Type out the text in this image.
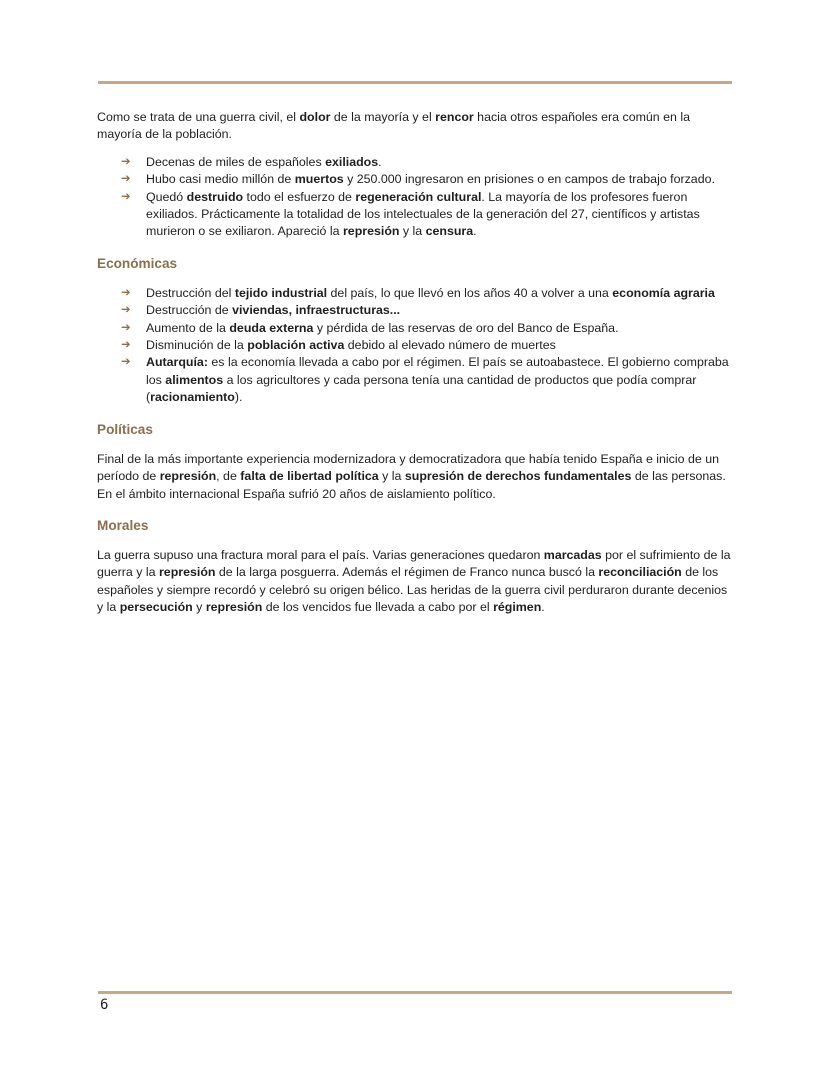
Como se trata de una guerra civil, el dolor de la mayoría y el rencor hacia otros españoles era común en la mayoría de la población.

➔ Decenas de miles de españoles exiliados.
➔ Hubo casi medio millón de muertos y 250.000 ingresaron en prisiones o en campos de trabajo forzado.
➔ Quedó destruido todo el esfuerzo de regeneración cultural. La mayoría de los profesores fueron exiliados. Prácticamente la totalidad de los intelectuales de la generación del 27, científicos y artistas murieron o se exiliaron. Apareció la represión y la censura.
Económicas
➔ Destrucción del tejido industrial del país, lo que llevó en los años 40 a volver a una economía agraria
➔ Destrucción de viviendas, infraestructuras...
➔ Aumento de la deuda externa y pérdida de las reservas de oro del Banco de España.
➔ Disminución de la población activa debido al elevado número de muertes
➔ Autarquía: es la economía llevada a cabo por el régimen. El país se autoabastece. El gobierno compraba los alimentos a los agricultores y cada persona tenía una cantidad de productos que podía comprar (racionamiento).
Políticas

Final de la más importante experiencia modernizadora y democratizadora que había tenido España e inicio de un período de represión, de falta de libertad política y la supresión de derechos fundamentales de las personas. En el ámbito internacional España sufrió 20 años de aislamiento político.

Morales

La guerra supuso una fractura moral para el país. Varias generaciones quedaron marcadas por el sufrimiento de la guerra y la represión de la larga posguerra. Además el régimen de Franco nunca buscó la reconciliación de los españoles y siempre recordó y celebró su origen bélico. Las heridas de la guerra civil perduraron durante decenios y la persecución y represión de los vencidos fue llevada a cabo por el régimen.

6
